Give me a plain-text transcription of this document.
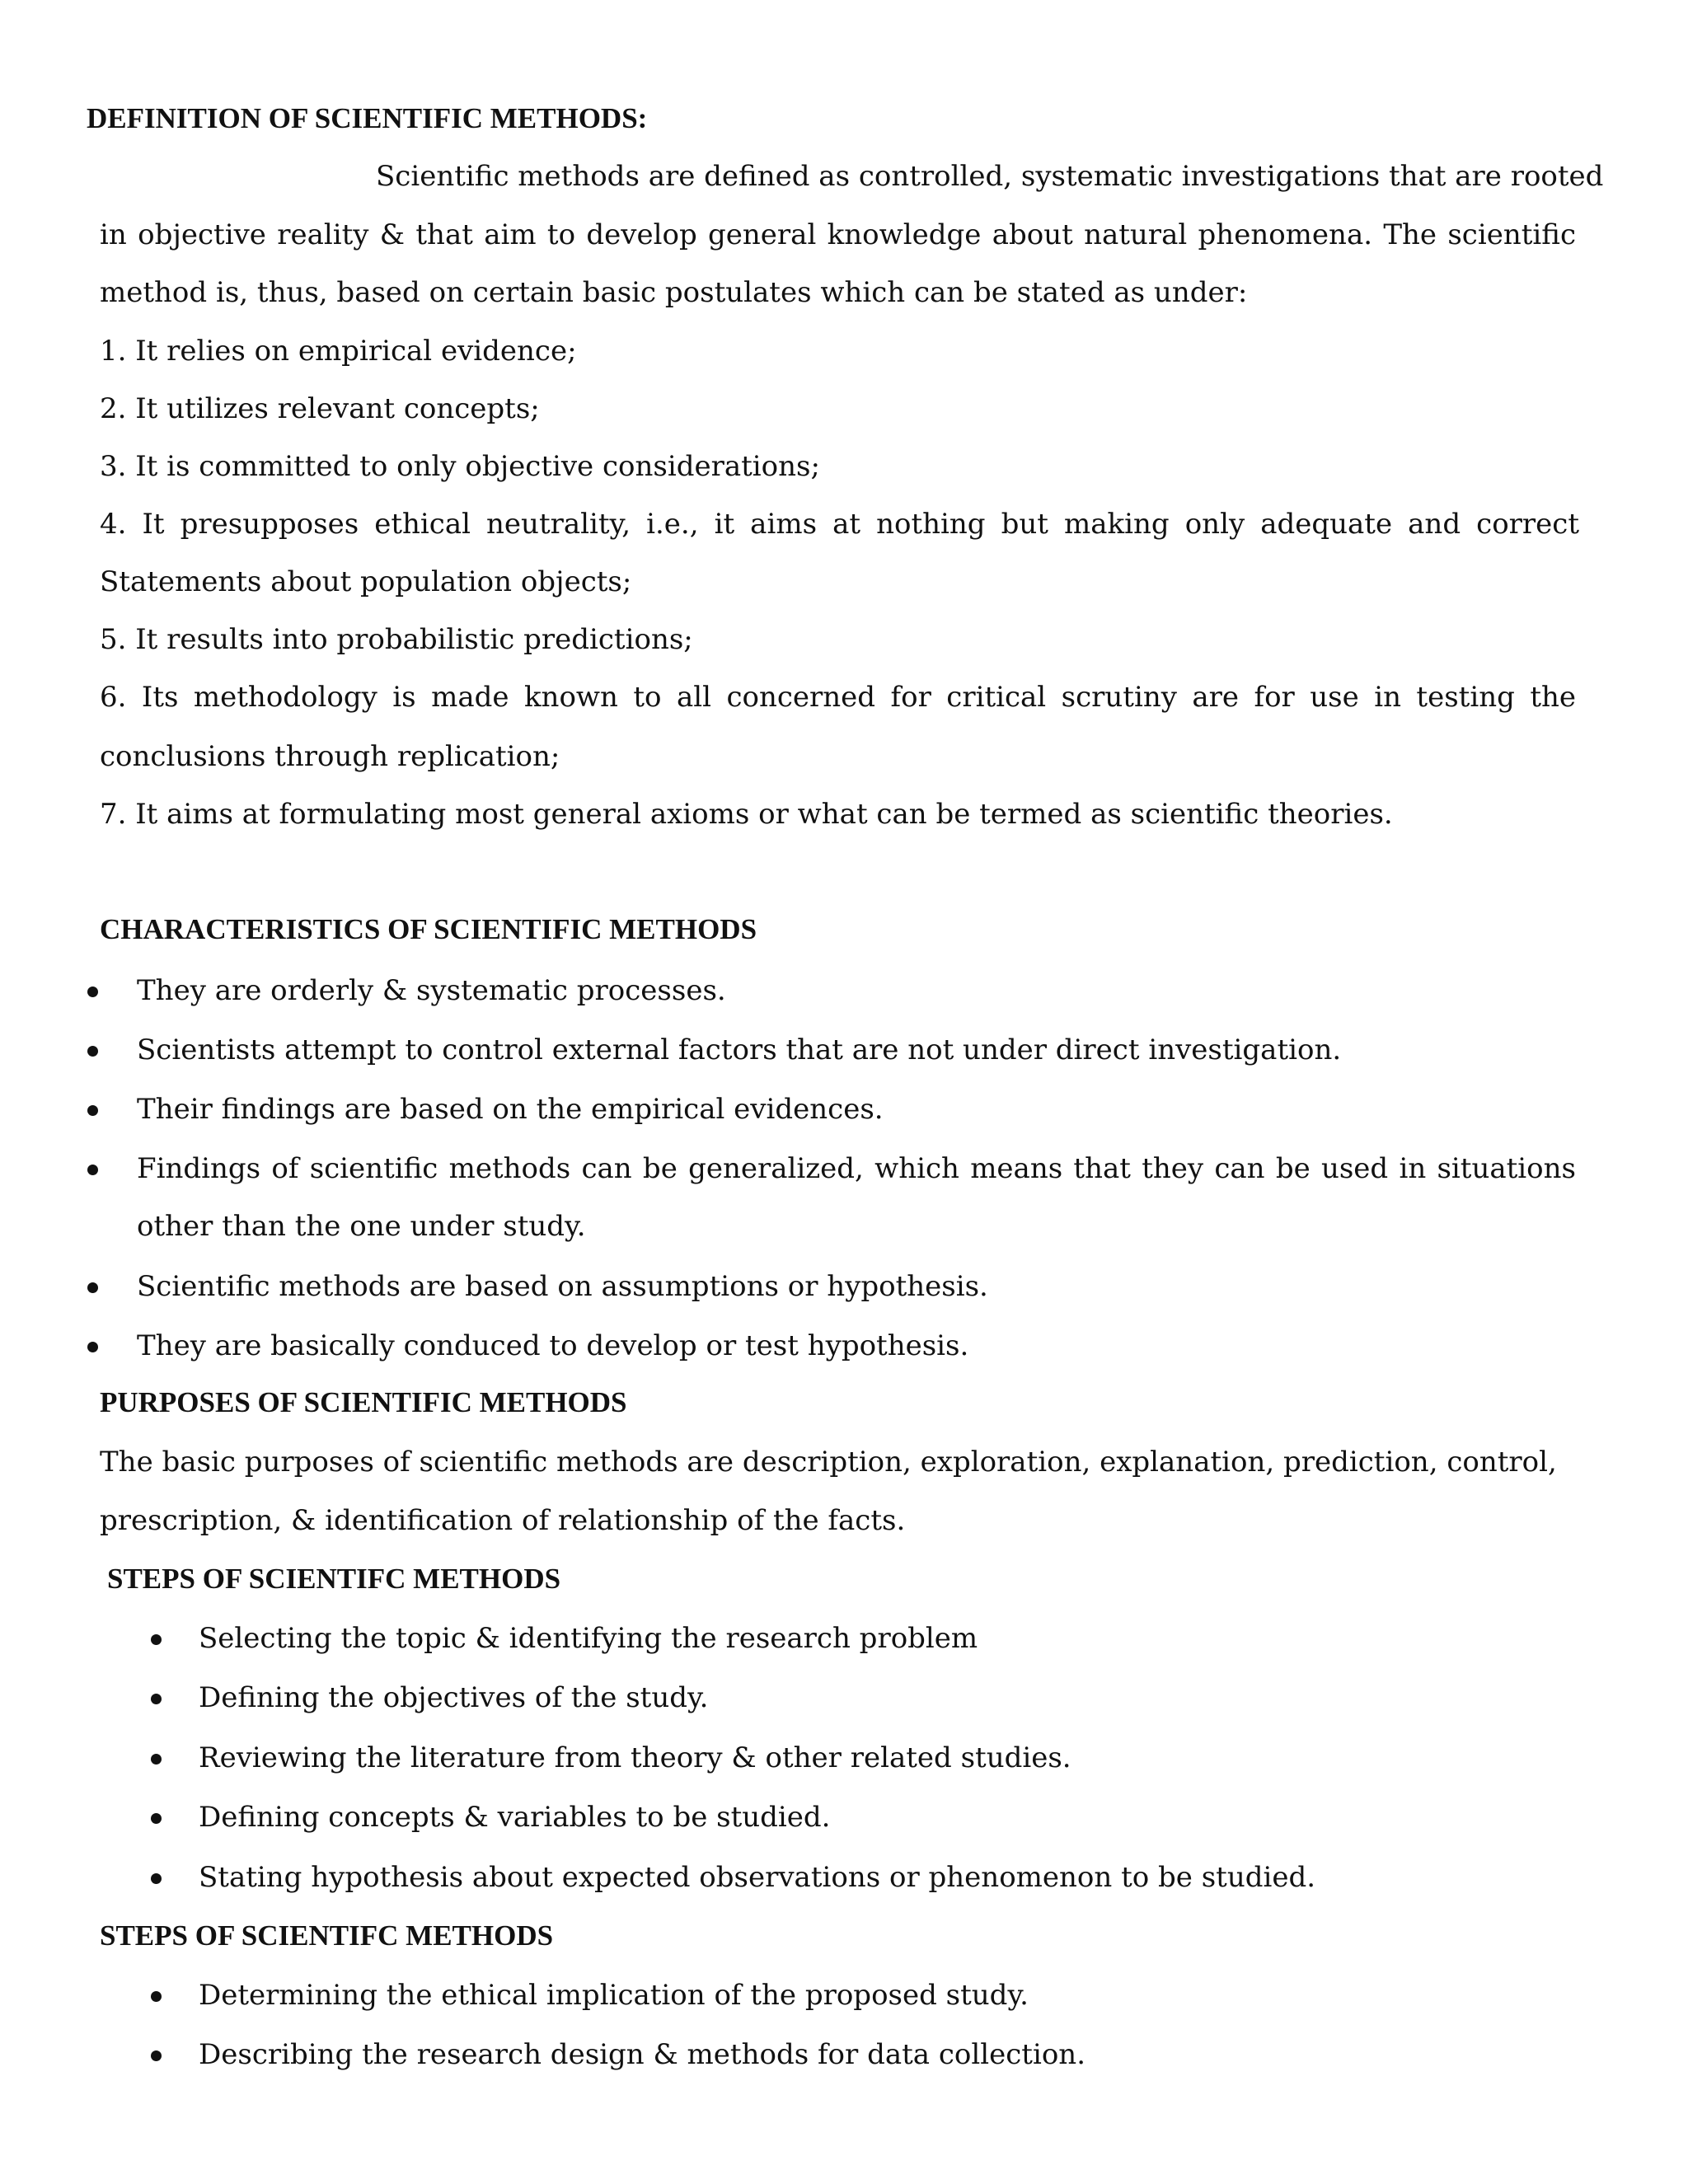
DEFINITION OF SCIENTIFIC METHODS:
Scientific methods are defined as controlled, systematic investigations that are rooted
in objective reality & that aim to develop general knowledge about natural phenomena. The scientific
method is, thus, based on certain basic postulates which can be stated as under:
1. It relies on empirical evidence;
2. It utilizes relevant concepts;
3. It is committed to only objective considerations;
4. It presupposes ethical neutrality, i.e., it aims at nothing but making only adequate and correct
Statements about population objects;
5. It results into probabilistic predictions;
6. Its methodology is made known to all concerned for critical scrutiny are for use in testing the
conclusions through replication;
7. It aims at formulating most general axioms or what can be termed as scientific theories.
CHARACTERISTICS OF SCIENTIFIC METHODS
They are orderly & systematic processes.
Scientists attempt to control external factors that are not under direct investigation.
Their findings are based on the empirical evidences.
Findings of scientific methods can be generalized, which means that they can be used in situations
other than the one under study.
Scientific methods are based on assumptions or hypothesis.
They are basically conduced to develop or test hypothesis.
PURPOSES OF SCIENTIFIC METHODS
The basic purposes of scientific methods are description, exploration, explanation, prediction, control,
prescription, & identification of relationship of the facts.
STEPS OF SCIENTIFC METHODS
Selecting the topic & identifying the research problem
Defining the objectives of the study.
Reviewing the literature from theory & other related studies.
Defining concepts & variables to be studied.
Stating hypothesis about expected observations or phenomenon to be studied.
STEPS OF SCIENTIFC METHODS
Determining the ethical implication of the proposed study.
Describing the research design & methods for data collection.
